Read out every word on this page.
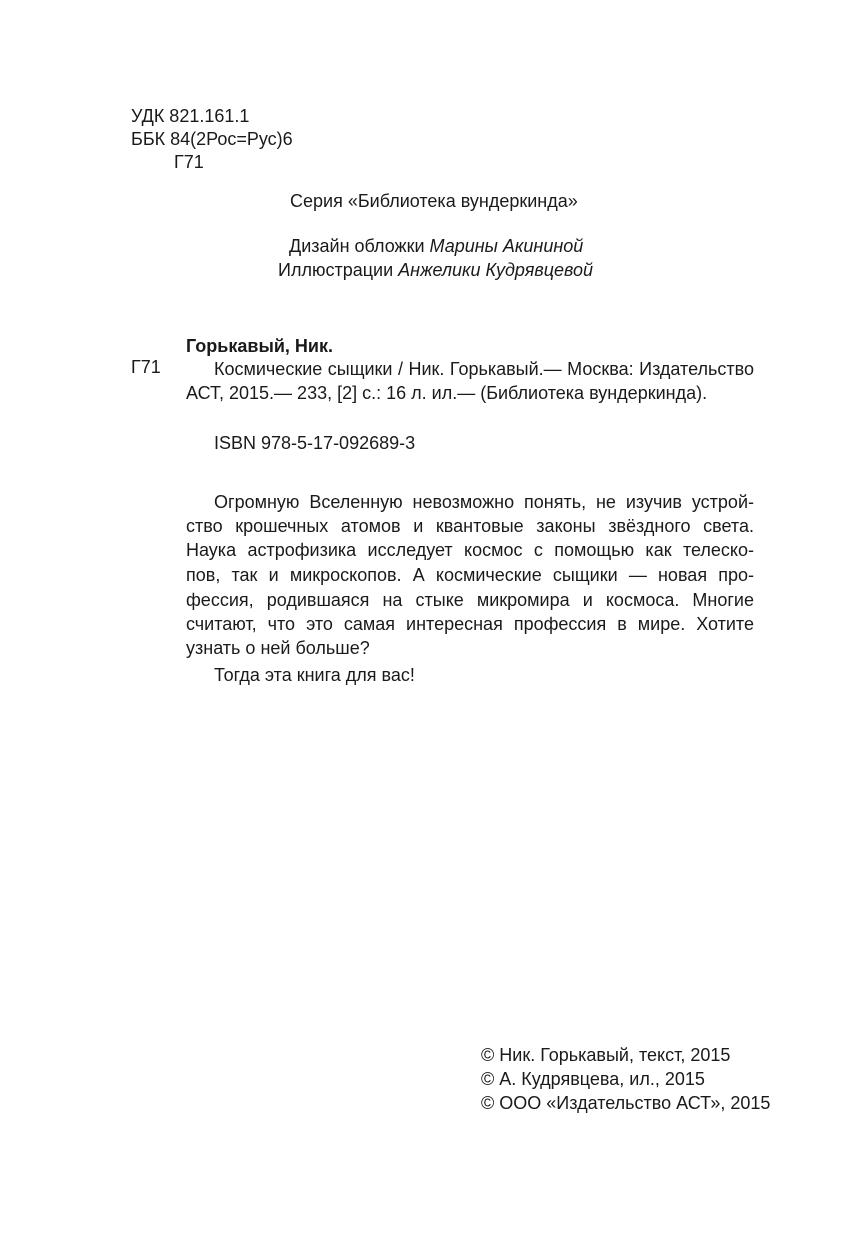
УДК 821.161.1
ББК 84(2Рос=Рус)6
Г71
Серия «Библиотека вундеркинда»
Дизайн обложки Марины Акининой
Иллюстрации Анжелики Кудрявцевой
Горькавый, Ник.
Г71	Космические сыщики / Ник. Горькавый.— Москва: Издательство
АСТ, 2015.— 233, [2] с.: 16 л. ил.— (Библиотека вундеркинда).
ISBN 978-5-17-092689-3
Огромную Вселенную невозможно понять, не изучив устрой-
ство крошечных атомов и квантовые законы звёздного света.
Наука астрофизика исследует космос с помощью как телеско-
пов, так и микроскопов. А космические сыщики — новая про-
фессия, родившаяся на стыке микромира и космоса. Многие
считают, что это самая интересная профессия в мире. Хотите
узнать о ней больше?
Тогда эта книга для вас!
© Ник. Горькавый, текст, 2015
© А. Кудрявцева, ил., 2015
© ООО «Издательство АСТ», 2015
